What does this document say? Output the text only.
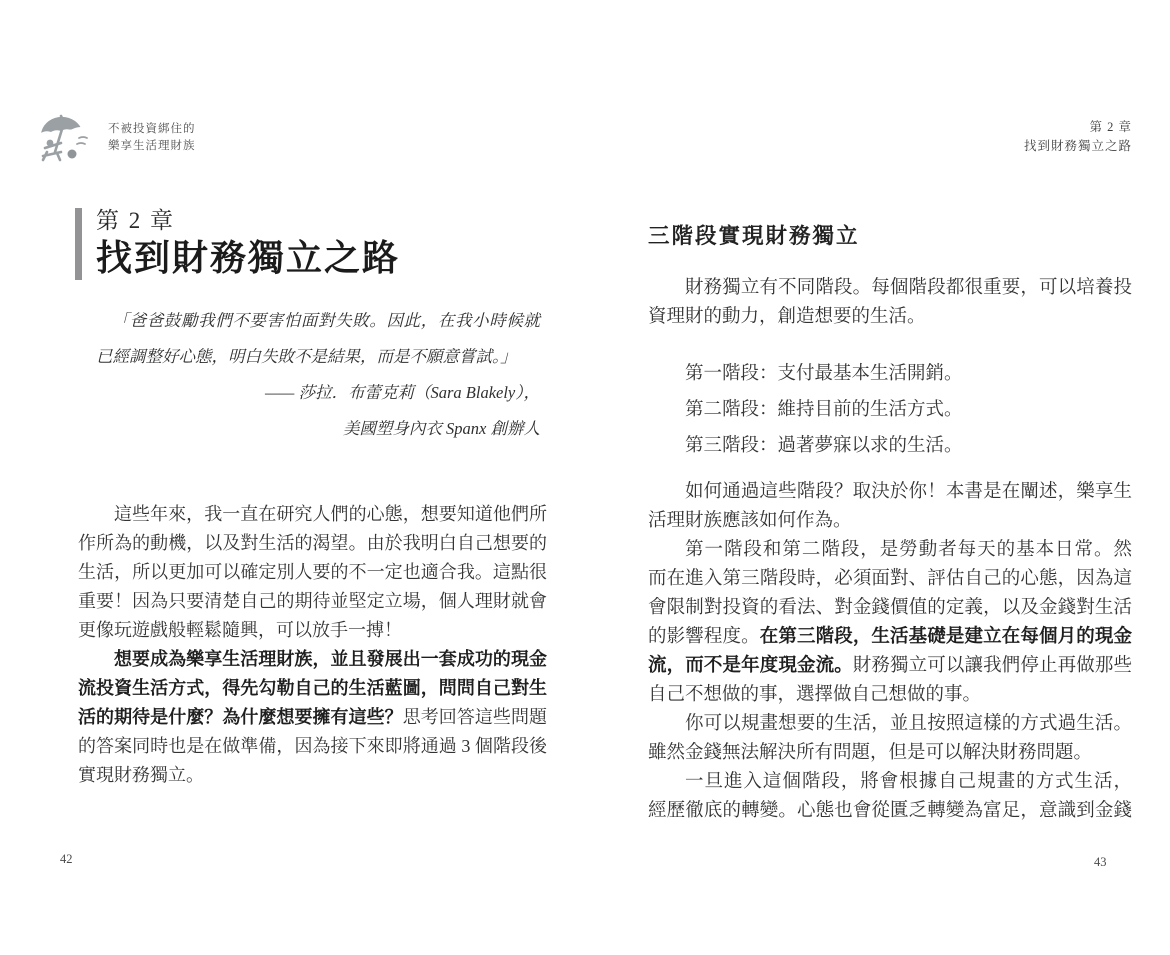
不被投資綁住的
樂享生活理財族
第 2 章
找到財務獨立之路
第 2 章
找到財務獨立之路
「爸爸鼓勵我們不要害怕面對失敗。因此，在我小時候就
已經調整好心態，明白失敗不是結果，而是不願意嘗試。」
—— 莎拉．布蕾克莉（Sara Blakely），
美國塑身內衣 Spanx 創辦人
這些年來，我一直在研究人們的心態，想要知道他們所
作所為的動機，以及對生活的渴望。由於我明白自己想要的
生活，所以更加可以確定別人要的不一定也適合我。這點很
重要！因為只要清楚自己的期待並堅定立場，個人理財就會
更像玩遊戲般輕鬆隨興，可以放手一搏！
想要成為樂享生活理財族，並且發展出一套成功的現金
流投資生活方式，得先勾勒自己的生活藍圖，問問自己對生
活的期待是什麼？為什麼想要擁有這些？思考回答這些問題
的答案同時也是在做準備，因為接下來即將通過 3 個階段後
實現財務獨立。
三階段實現財務獨立
財務獨立有不同階段。每個階段都很重要，可以培養投
資理財的動力，創造想要的生活。
第一階段：支付最基本生活開銷。
第二階段：維持目前的生活方式。
第三階段：過著夢寐以求的生活。
如何通過這些階段？取決於你！本書是在闡述，樂享生
活理財族應該如何作為。
第一階段和第二階段，是勞動者每天的基本日常。然
而在進入第三階段時，必須面對、評估自己的心態，因為這
會限制對投資的看法、對金錢價值的定義，以及金錢對生活
的影響程度。在第三階段，生活基礎是建立在每個月的現金
流，而不是年度現金流。財務獨立可以讓我們停止再做那些
自己不想做的事，選擇做自己想做的事。
你可以規畫想要的生活，並且按照這樣的方式過生活。
雖然金錢無法解決所有問題，但是可以解決財務問題。
一旦進入這個階段，將會根據自己規畫的方式生活，
經歷徹底的轉變。心態也會從匱乏轉變為富足，意識到金錢
42	43
